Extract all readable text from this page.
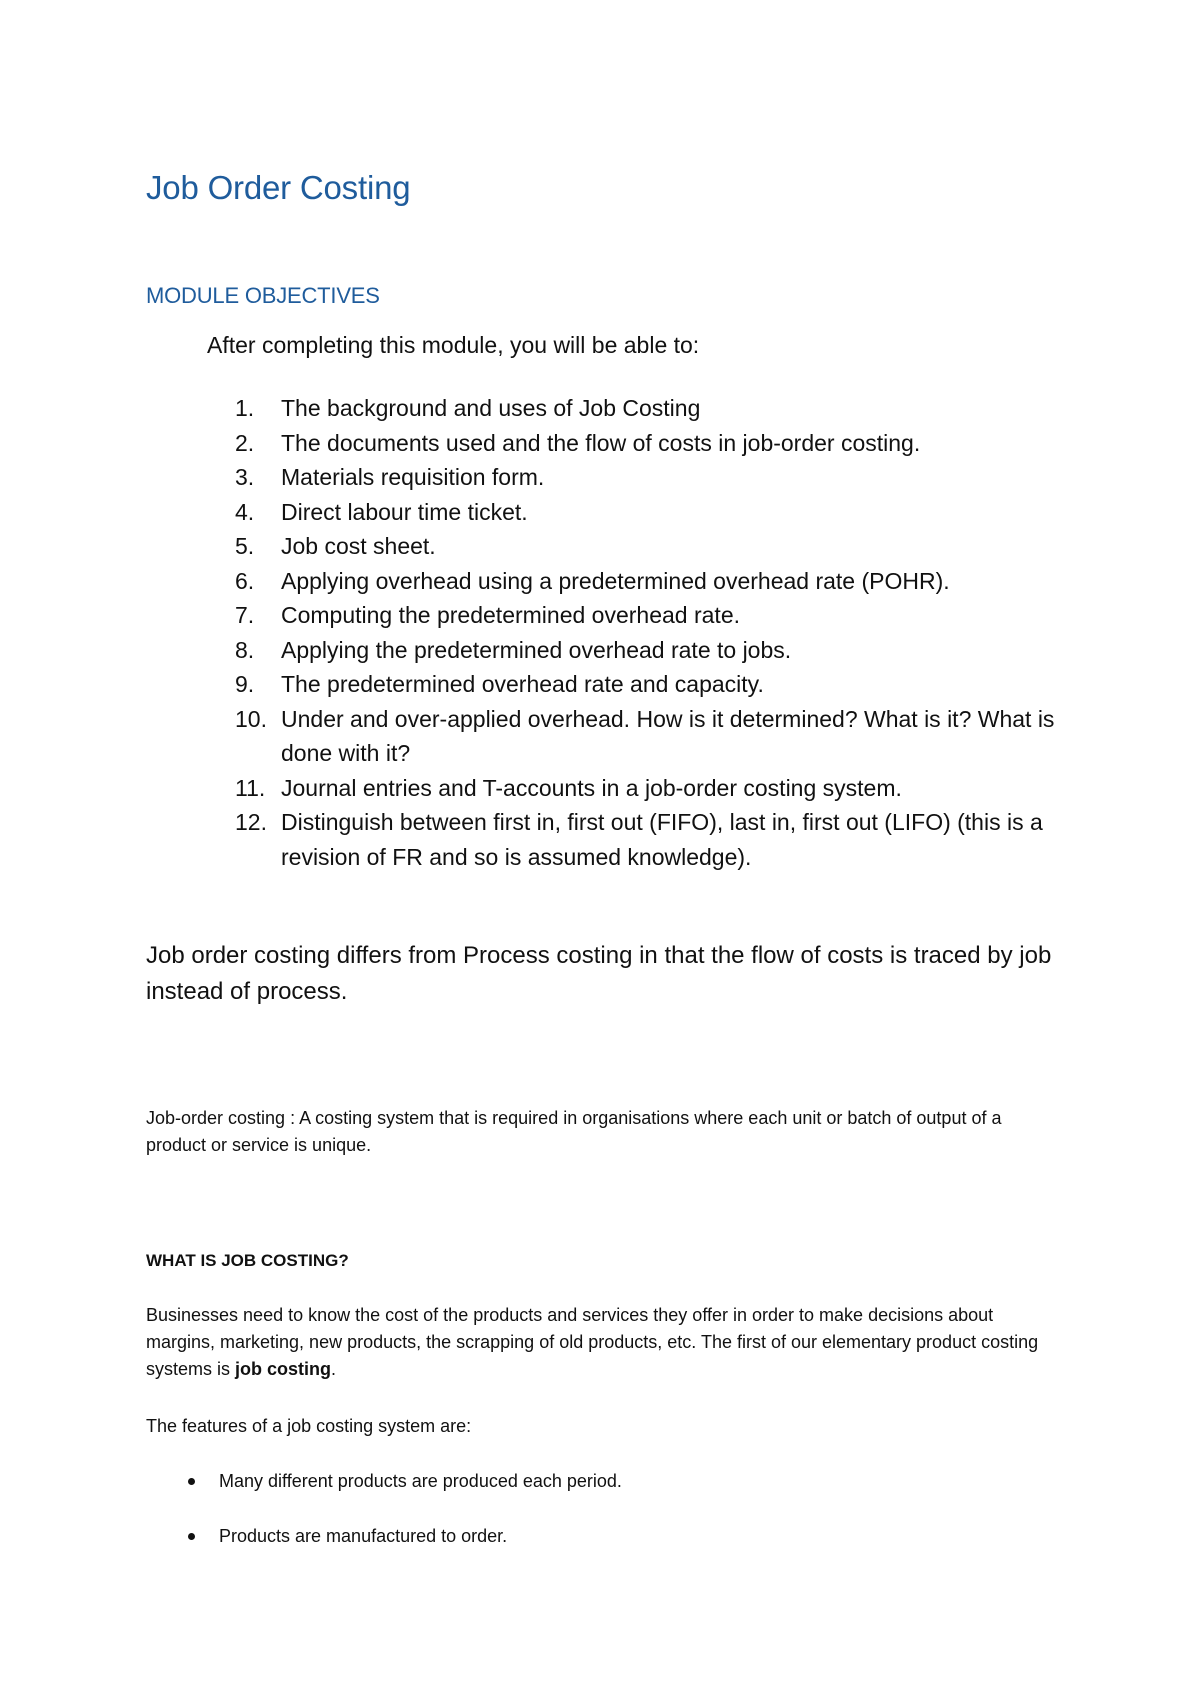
Job Order Costing
MODULE OBJECTIVES

After completing this module, you will be able to:

1. The background and uses of Job Costing
2. The documents used and the flow of costs in job-order costing.
3. Materials requisition form.
4. Direct labour time ticket.
5. Job cost sheet.
6. Applying overhead using a predetermined overhead rate (POHR).
7. Computing the predetermined overhead rate.
8. Applying the predetermined overhead rate to jobs.
9. The predetermined overhead rate and capacity.
10. Under and over-applied overhead. How is it determined? What is it? What is done with it?
11. Journal entries and T-accounts in a job-order costing system.
12. Distinguish between first in, first out (FIFO), last in, first out (LIFO) (this is a revision of FR and so is assumed knowledge).

Job order costing differs from Process costing in that the flow of costs is traced by job instead of process.

Job-order costing : A costing system that is required in organisations where each unit or batch of output of a product or service is unique.

WHAT IS JOB COSTING?

Businesses need to know the cost of the products and services they offer in order to make decisions about margins, marketing, new products, the scrapping of old products, etc. The first of our elementary product costing systems is job costing.

The features of a job costing system are:

Many different products are produced each period.
Products are manufactured to order.
